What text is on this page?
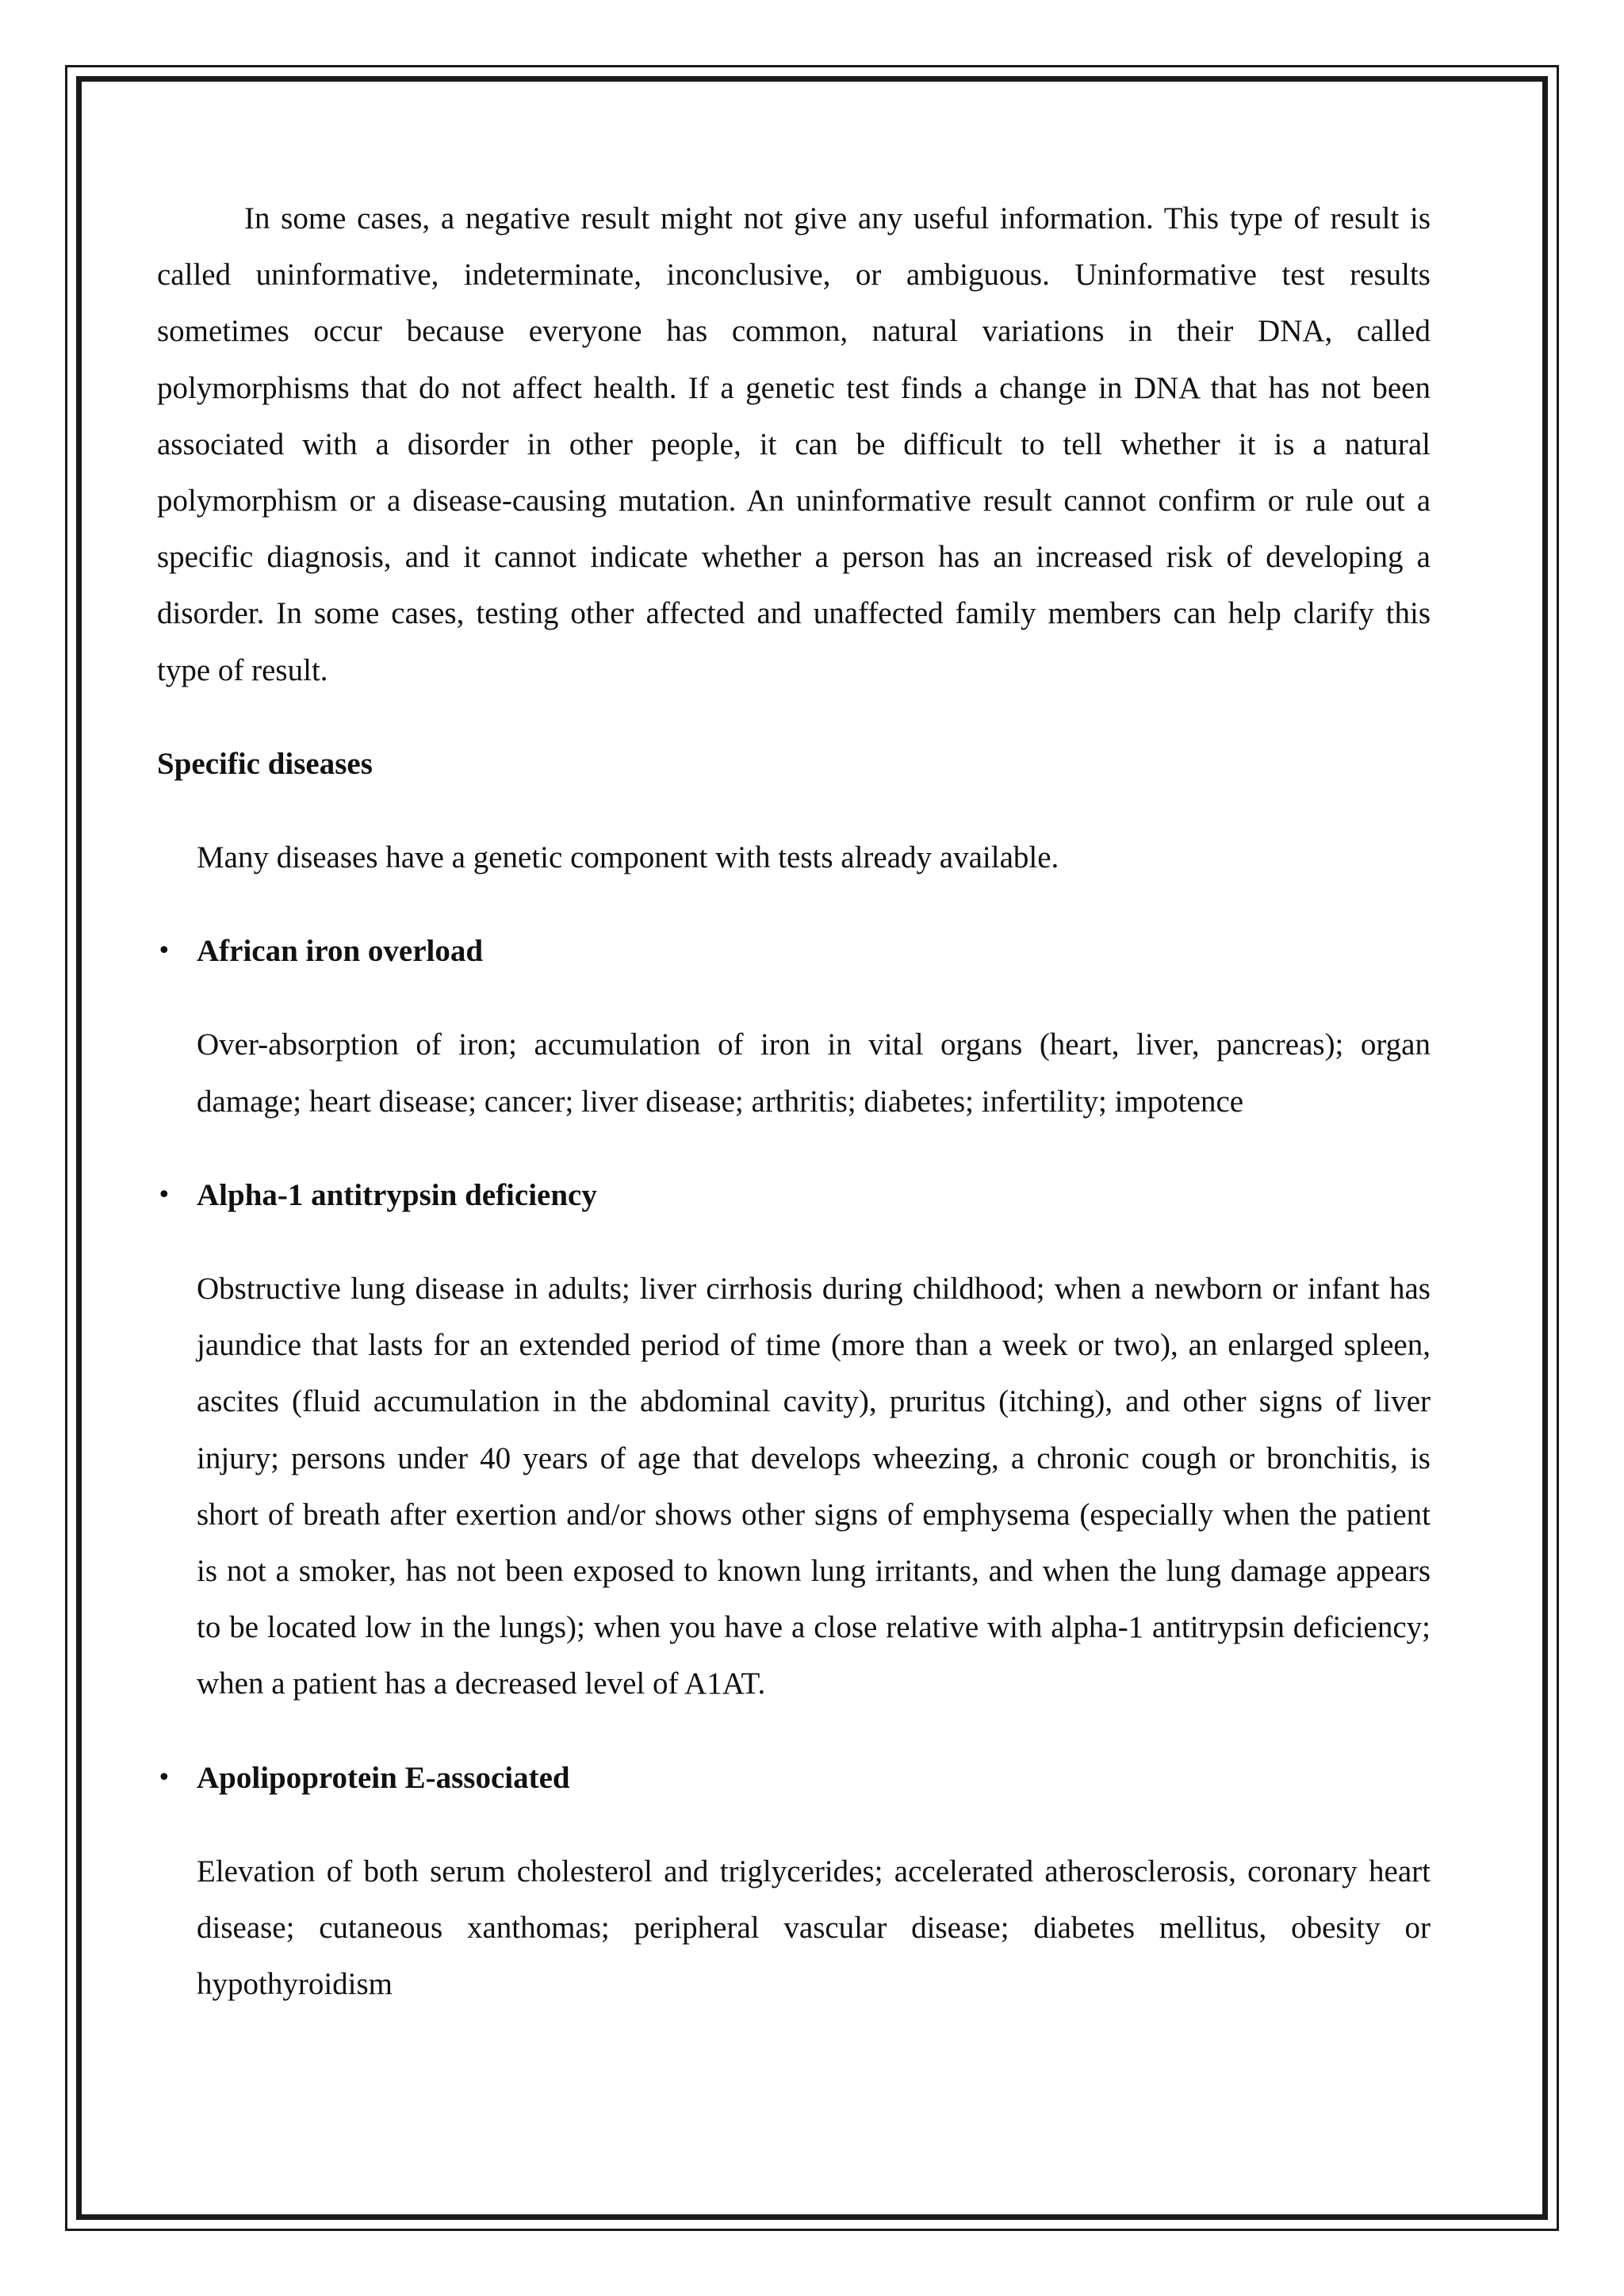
In some cases, a negative result might not give any useful information. This type of result is called uninformative, indeterminate, inconclusive, or ambiguous. Uninformative test results sometimes occur because everyone has common, natural variations in their DNA, called polymorphisms that do not affect health. If a genetic test finds a change in DNA that has not been associated with a disorder in other people, it can be difficult to tell whether it is a natural polymorphism or a disease-causing mutation. An uninformative result cannot confirm or rule out a specific diagnosis, and it cannot indicate whether a person has an increased risk of developing a disorder. In some cases, testing other affected and unaffected family members can help clarify this type of result.

Specific diseases

Many diseases have a genetic component with tests already available.

• African iron overload

Over-absorption of iron; accumulation of iron in vital organs (heart, liver, pancreas); organ damage; heart disease; cancer; liver disease; arthritis; diabetes; infertility; impotence

• Alpha-1 antitrypsin deficiency

Obstructive lung disease in adults; liver cirrhosis during childhood; when a newborn or infant has jaundice that lasts for an extended period of time (more than a week or two), an enlarged spleen, ascites (fluid accumulation in the abdominal cavity), pruritus (itching), and other signs of liver injury; persons under 40 years of age that develops wheezing, a chronic cough or bronchitis, is short of breath after exertion and/or shows other signs of emphysema (especially when the patient is not a smoker, has not been exposed to known lung irritants, and when the lung damage appears to be located low in the lungs); when you have a close relative with alpha-1 antitrypsin deficiency; when a patient has a decreased level of A1AT.

• Apolipoprotein E-associated

Elevation of both serum cholesterol and triglycerides; accelerated atherosclerosis, coronary heart disease; cutaneous xanthomas; peripheral vascular disease; diabetes mellitus, obesity or hypothyroidism
